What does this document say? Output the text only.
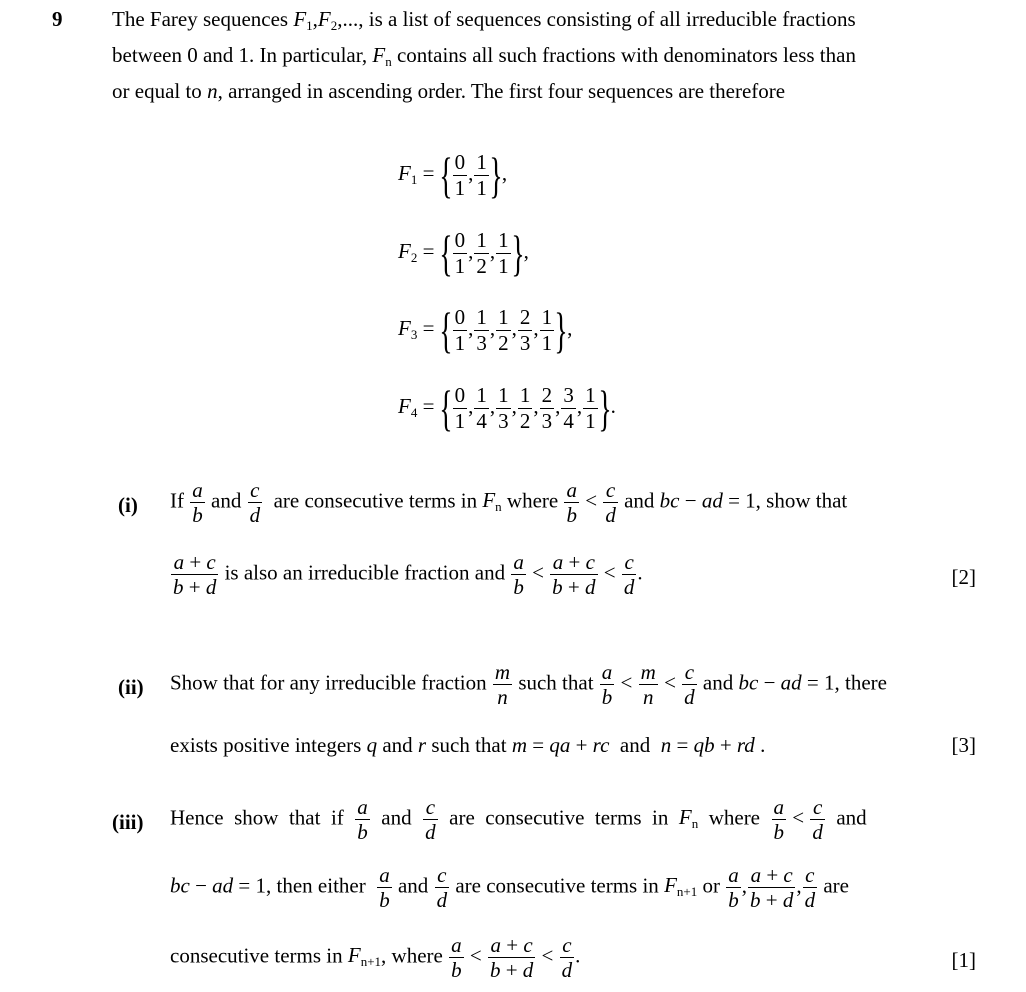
9 The Farey sequences $F_1,F_2$,..., is a list of sequences consisting of all irreducible fractions
between 0 and 1. In particular, $F_n$ contains all such fractions with denominators less than
or equal to n, arranged in ascending order. The first four sequences are therefore
$F_1$ = { $\frac{0}{1}$ , $\frac{1}{1}$ },
$F_2$ = { $\frac{0}{1}$ , $\frac{1}{2}$ , $\frac{1}{1}$ },
$F_3$ = { $\frac{0}{1}$ , $\frac{1}{3}$ , $\frac{1}{2}$ , $\frac{2}{3}$ , $\frac{1}{1}$ },
$F_4$ = { $\frac{0}{1}$ , $\frac{1}{4}$ , $\frac{1}{3}$ , $\frac{1}{2}$ , $\frac{2}{3}$ , $\frac{3}{4}$ , $\frac{1}{1}$ }.
(i) If $\frac{a}{b}$ and $\frac{c}{d}$ are consecutive terms in $F_n$ where $\frac{a}{b} < \frac{c}{d}$ and bc − ad = 1, show that
$\frac{a + c}{b + d}$ is also an irreducible fraction and $\frac{a}{b} < \frac{a + c}{b + d} < \frac{c}{d}$ .	[2]
(ii) Show that for any irreducible fraction $\frac{m}{n}$ such that $\frac{a}{b} < \frac{m}{n} < \frac{c}{d}$ and bc − ad = 1, there
exists positive integers q and r such that m = qa + rc and n = qb + rd .	[3]
(iii) Hence  show  that  if $\frac{a}{b}$ and $\frac{c}{d}$ are  consecutive  terms  in  $F_n$  where $\frac{a}{b} < \frac{c}{d}$ and
bc − ad = 1, then either $\frac{a}{b}$ and $\frac{c}{d}$ are consecutive terms in $F_{n+1}$ or $\frac{a}{b}$ , $\frac{a + c}{b + d}$ , $\frac{c}{d}$ are
consecutive terms in $F_{n+1}$, where $\frac{a}{b} < \frac{a + c}{b + d} < \frac{c}{d}$ .	[1]
